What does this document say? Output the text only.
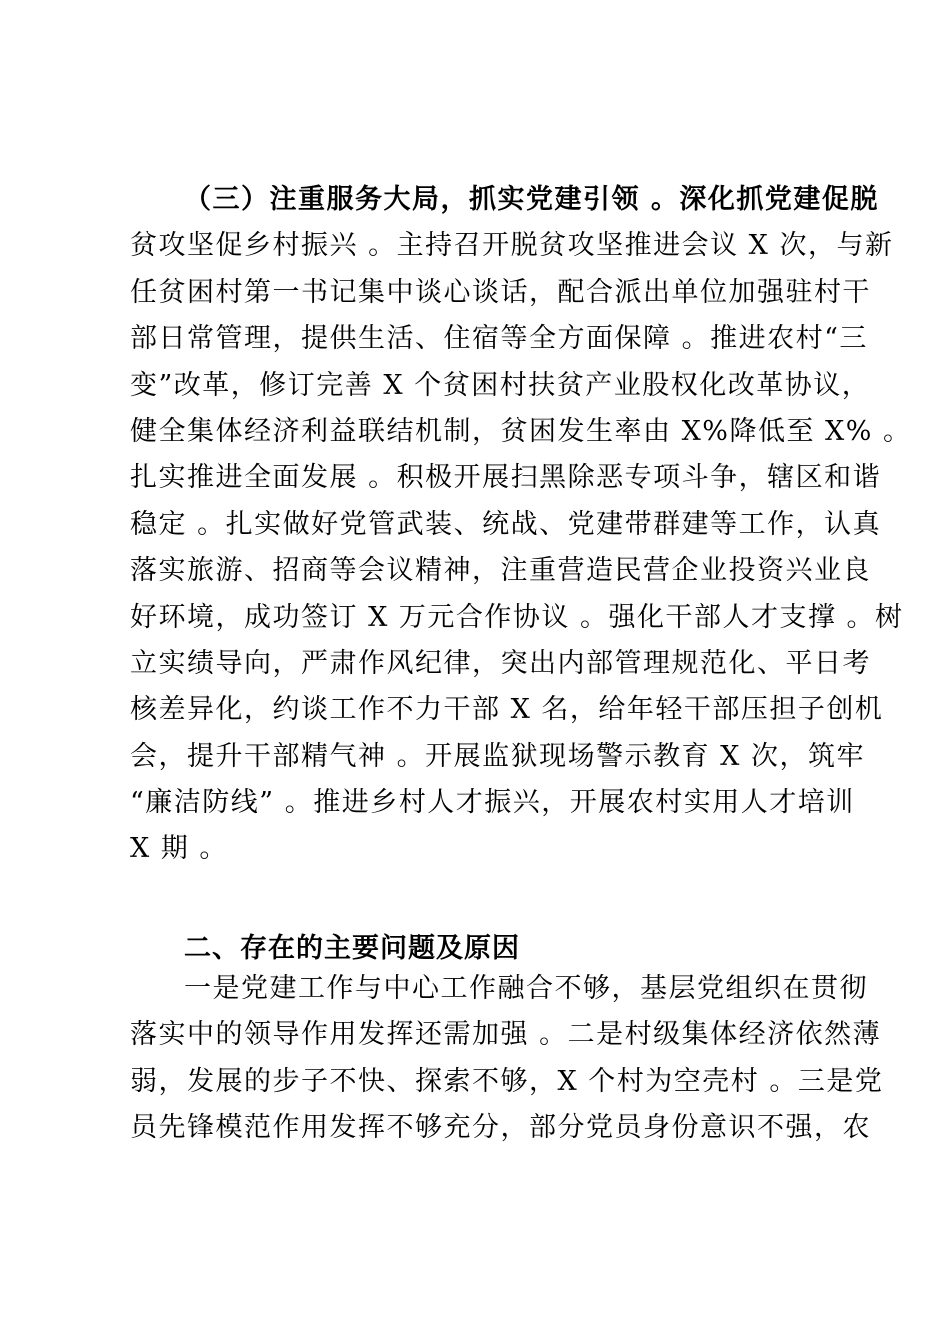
（三）注重服务大局，抓实党建引领 。深化抓党建促脱
贫攻坚促乡村振兴 。主持召开脱贫攻坚推进会议 X 次，与新
任贫困村第一书记集中谈心谈话，配合派出单位加强驻村干
部日常管理，提供生活、住宿等全方面保障 。推进农村“三
变”改革，修订完善 X 个贫困村扶贫产业股权化改革协议，
健全集体经济利益联结机制，贫困发生率由 X%降低至 X% 。
扎实推进全面发展 。积极开展扫黑除恶专项斗争，辖区和谐
稳定 。扎实做好党管武装、统战、党建带群建等工作，认真
落实旅游、招商等会议精神，注重营造民营企业投资兴业良
好环境，成功签订 X 万元合作协议 。强化干部人才支撑 。树
立实绩导向，严肃作风纪律，突出内部管理规范化、平日考
核差异化，约谈工作不力干部 X 名，给年轻干部压担子创机
会，提升干部精气神 。开展监狱现场警示教育 X 次，筑牢
“廉洁防线” 。推进乡村人才振兴，开展农村实用人才培训
X 期 。
二、存在的主要问题及原因
一是党建工作与中心工作融合不够，基层党组织在贯彻
落实中的领导作用发挥还需加强 。二是村级集体经济依然薄
弱，发展的步子不快、探索不够，X 个村为空壳村 。三是党
员先锋模范作用发挥不够充分，部分党员身份意识不强，农
